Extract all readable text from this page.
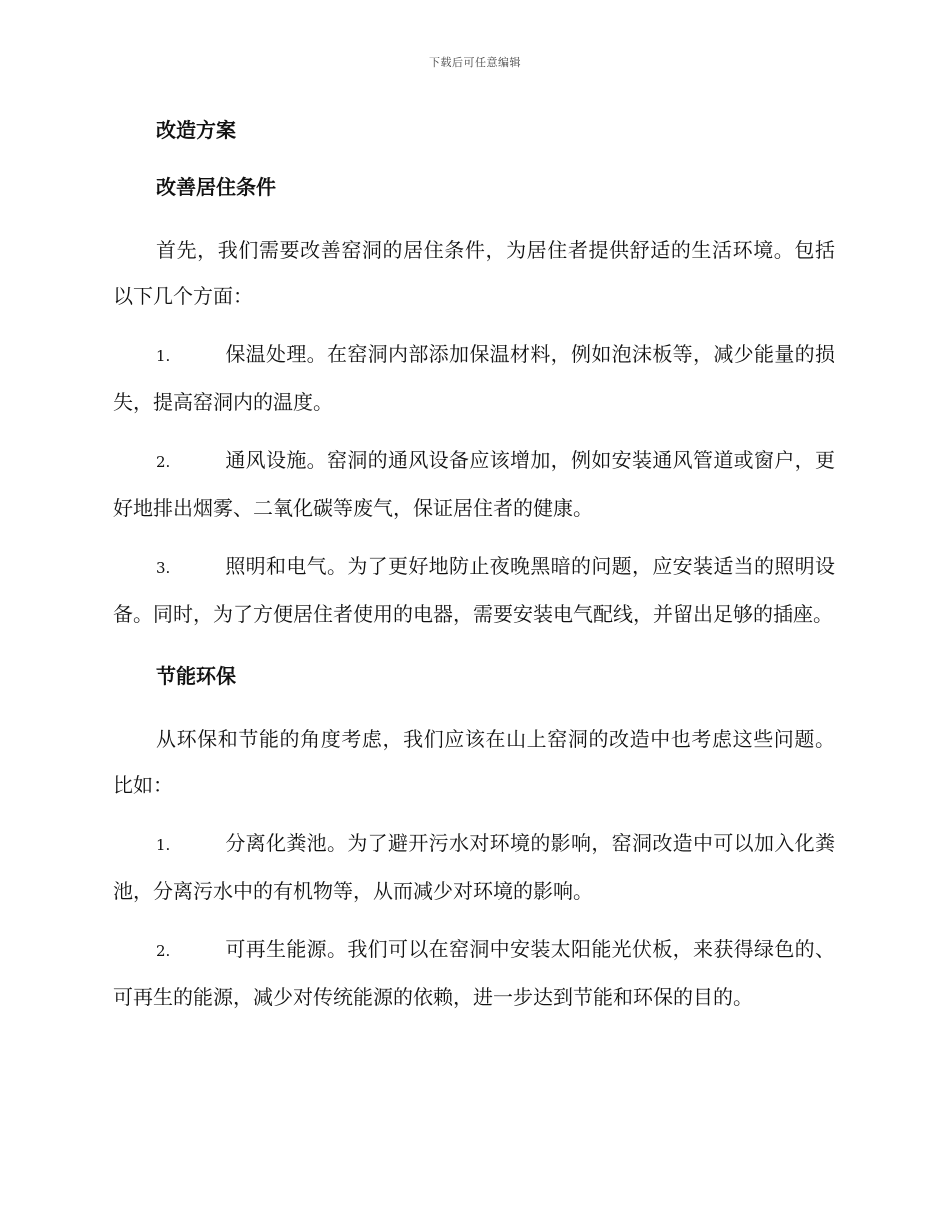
下载后可任意编辑
改造方案
改善居住条件

首先，我们需要改善窑洞的居住条件，为居住者提供舒适的生活环境。包括以下几个方面：

1.	保温处理。在窑洞内部添加保温材料，例如泡沫板等，减少能量的损失，提高窑洞内的温度。

2.	通风设施。窑洞的通风设备应该增加，例如安装通风管道或窗户，更好地排出烟雾、二氧化碳等废气，保证居住者的健康。

3.	照明和电气。为了更好地防止夜晚黑暗的问题，应安装适当的照明设备。同时，为了方便居住者使用的电器，需要安装电气配线，并留出足够的插座。

节能环保

从环保和节能的角度考虑，我们应该在山上窑洞的改造中也考虑这些问题。比如：

1.	分离化粪池。为了避开污水对环境的影响，窑洞改造中可以加入化粪池，分离污水中的有机物等，从而减少对环境的影响。

2.	可再生能源。我们可以在窑洞中安装太阳能光伏板，来获得绿色的、可再生的能源，减少对传统能源的依赖，进一步达到节能和环保的目的。
